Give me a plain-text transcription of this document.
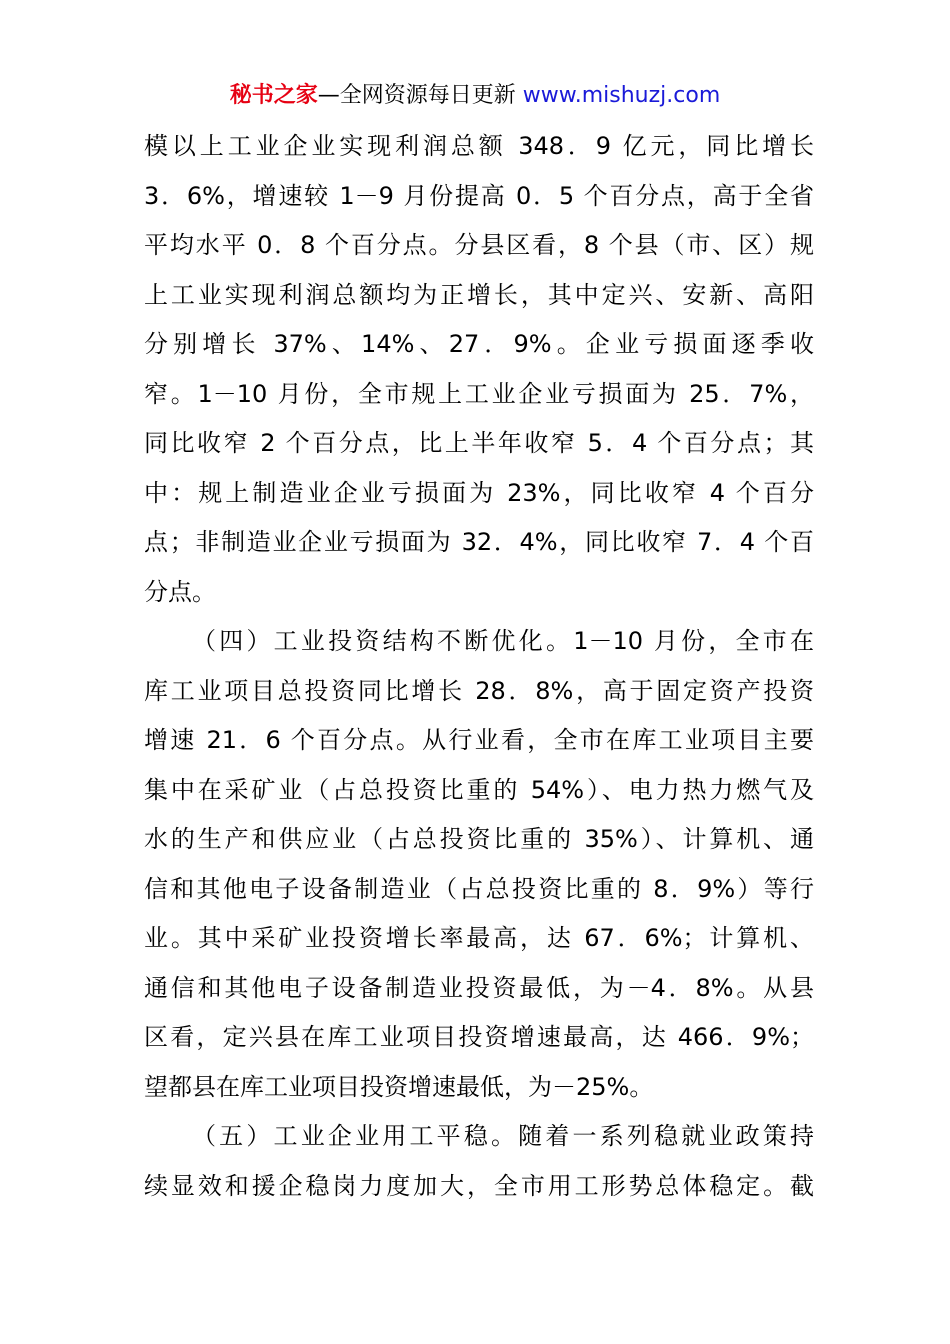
秘书之家—全网资源每日更新 www.mishuzj.com
模以上工业企业实现利润总额 348．9 亿元，同比增长
3．6%，增速较 1－9 月份提高 0．5 个百分点，高于全省
平均水平 0．8 个百分点。分县区看，8 个县（市、区）规
上工业实现利润总额均为正增长，其中定兴、安新、高阳
分别增长 37%、14%、27．9%。企业亏损面逐季收
窄。1－10 月份，全市规上工业企业亏损面为 25．7%，
同比收窄 2 个百分点，比上半年收窄 5．4 个百分点；其
中：规上制造业企业亏损面为 23%，同比收窄 4 个百分
点；非制造业企业亏损面为 32．4%，同比收窄 7．4 个百
分点。
（四）工业投资结构不断优化。1－10 月份，全市在
库工业项目总投资同比增长 28．8%，高于固定资产投资
增速 21．6 个百分点。从行业看，全市在库工业项目主要
集中在采矿业（占总投资比重的 54%）、电力热力燃气及
水的生产和供应业（占总投资比重的 35%）、计算机、通
信和其他电子设备制造业（占总投资比重的 8．9%）等行
业。其中采矿业投资增长率最高，达 67．6%；计算机、
通信和其他电子设备制造业投资最低，为－4．8%。从县
区看，定兴县在库工业项目投资增速最高，达 466．9%；
望都县在库工业项目投资增速最低，为－25%。
（五）工业企业用工平稳。随着一系列稳就业政策持
续显效和援企稳岗力度加大，全市用工形势总体稳定。截
